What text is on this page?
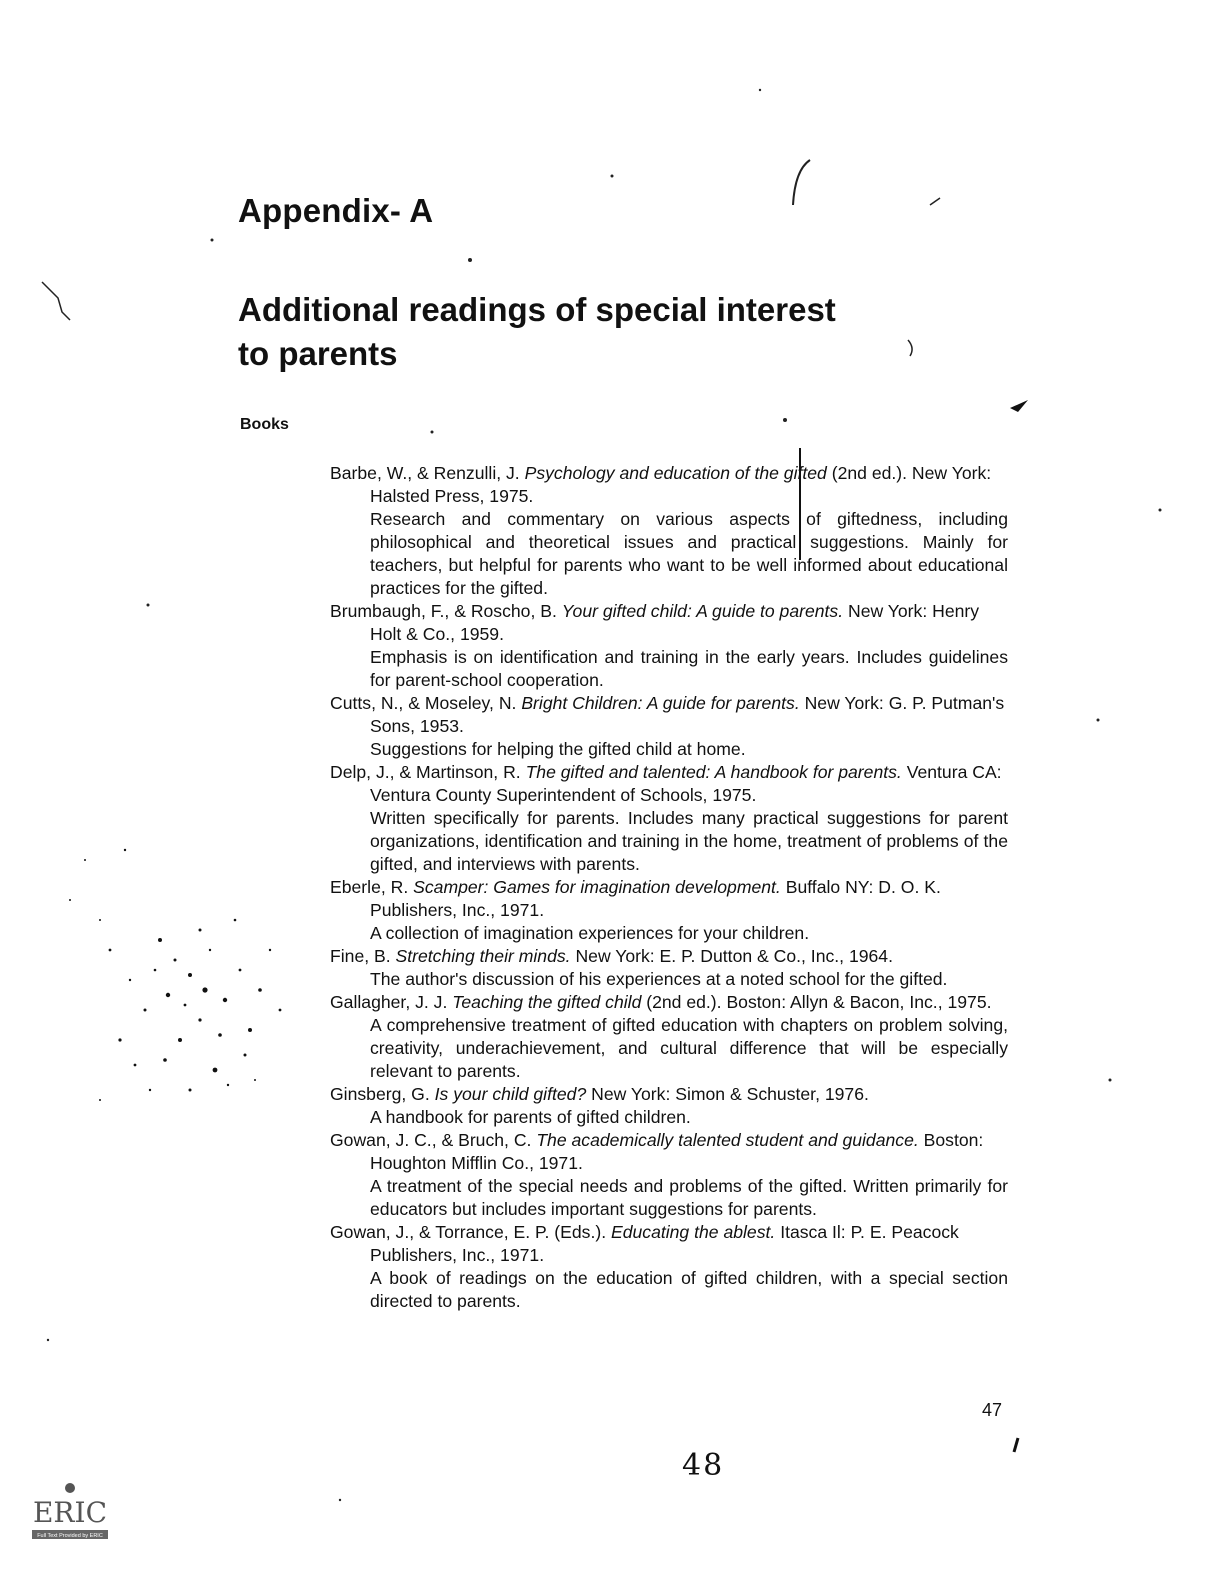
Appendix‐ A
Additional readings of special interest
to parents
Books
Barbe, W., & Renzulli, J. Psychology and education of the gifted (2nd ed.). New York: Halsted Press, 1975.
Research and commentary on various aspects of giftedness, including philosophical and theoretical issues and practical suggestions. Mainly for teachers, but helpful for parents who want to be well informed about educational practices for the gifted.
Brumbaugh, F., & Roscho, B. Your gifted child: A guide to parents. New York: Henry Holt & Co., 1959.
Emphasis is on identification and training in the early years. Includes guidelines for parent-school cooperation.
Cutts, N., & Moseley, N. Bright Children: A guide for parents. New York: G. P. Putman's Sons, 1953.
Suggestions for helping the gifted child at home.
Delp, J., & Martinson, R. The gifted and talented: A handbook for parents. Ventura CA: Ventura County Superintendent of Schools, 1975.
Written specifically for parents. Includes many practical suggestions for parent organizations, identification and training in the home, treatment of problems of the gifted, and interviews with parents.
Eberle, R. Scamper: Games for imagination development. Buffalo NY: D. O. K. Publishers, Inc., 1971.
A collection of imagination experiences for your children.
Fine, B. Stretching their minds. New York: E. P. Dutton & Co., Inc., 1964.
The author's discussion of his experiences at a noted school for the gifted.
Gallagher, J. J. Teaching the gifted child (2nd ed.). Boston: Allyn & Bacon, Inc., 1975.
A comprehensive treatment of gifted education with chapters on problem solving, creativity, underachievement, and cultural difference that will be especially relevant to parents.
Ginsberg, G. Is your child gifted? New York: Simon & Schuster, 1976.
A handbook for parents of gifted children.
Gowan, J. C., & Bruch, C. The academically talented student and guidance. Boston: Houghton Mifflin Co., 1971.
A treatment of the special needs and problems of the gifted. Written primarily for educators but includes important suggestions for parents.
Gowan, J., & Torrance, E. P. (Eds.). Educating the ablest. Itasca Il: P. E. Peacock Publishers, Inc., 1971.
A book of readings on the education of gifted children, with a special section directed to parents.
47
48
ERIC
Full Text Provided by ERIC
